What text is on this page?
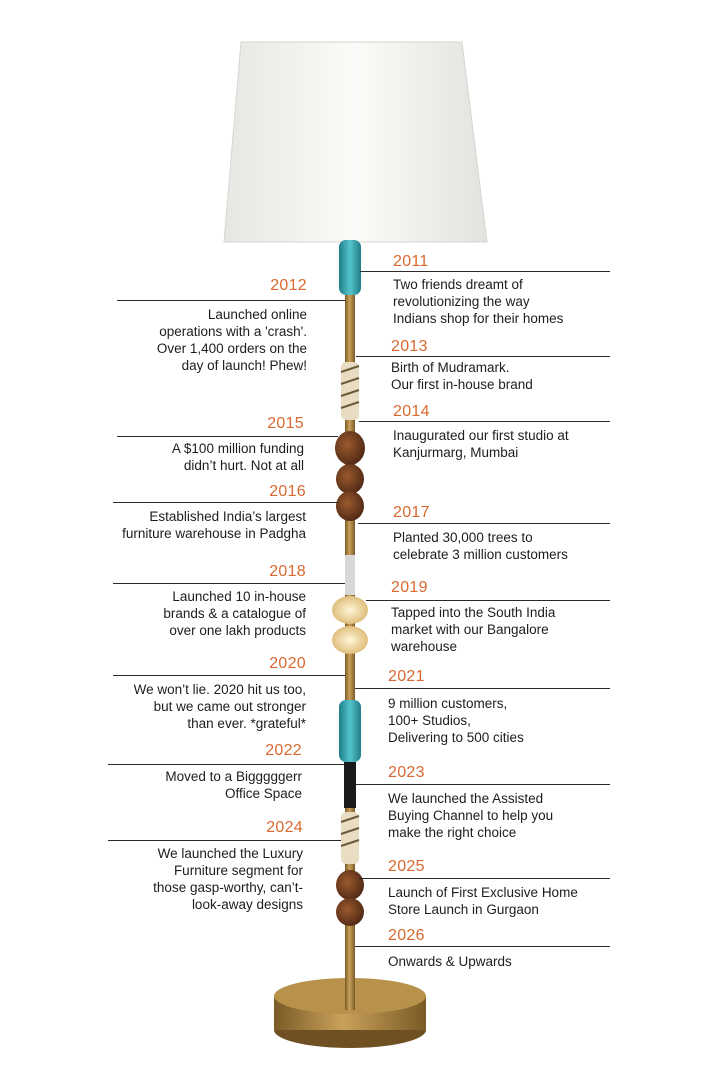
2011
Two friends dreamt of
revolutionizing the way
Indians shop for their homes
2012
Launched online
operations with a 'crash'.
Over 1,400 orders on the
day of launch! Phew!
2013
Birth of Mudramark.
Our first in-house brand
2014
Inaugurated our first studio at
Kanjurmarg, Mumbai
2015
A $100 million funding
didn’t hurt. Not at all
2016
Established India’s largest
furniture warehouse in Padgha
2017
Planted 30,000 trees to
celebrate 3 million customers
2018
Launched 10 in-house
brands & a catalogue of
over one lakh products
2019
Tapped into the South India
market with our Bangalore
warehouse
2020
We won’t lie. 2020 hit us too,
but we came out stronger
than ever. *grateful*
2021
9 million customers,
100+ Studios,
Delivering to 500 cities
2022
Moved to a Bigggggerr
Office Space
2023
We launched the Assisted
Buying Channel to help you
make the right choice
2024
We launched the Luxury
Furniture segment for
those gasp-worthy, can’t-
look-away designs
2025
Launch of First Exclusive Home
Store Launch in Gurgaon
2026
Onwards & Upwards
